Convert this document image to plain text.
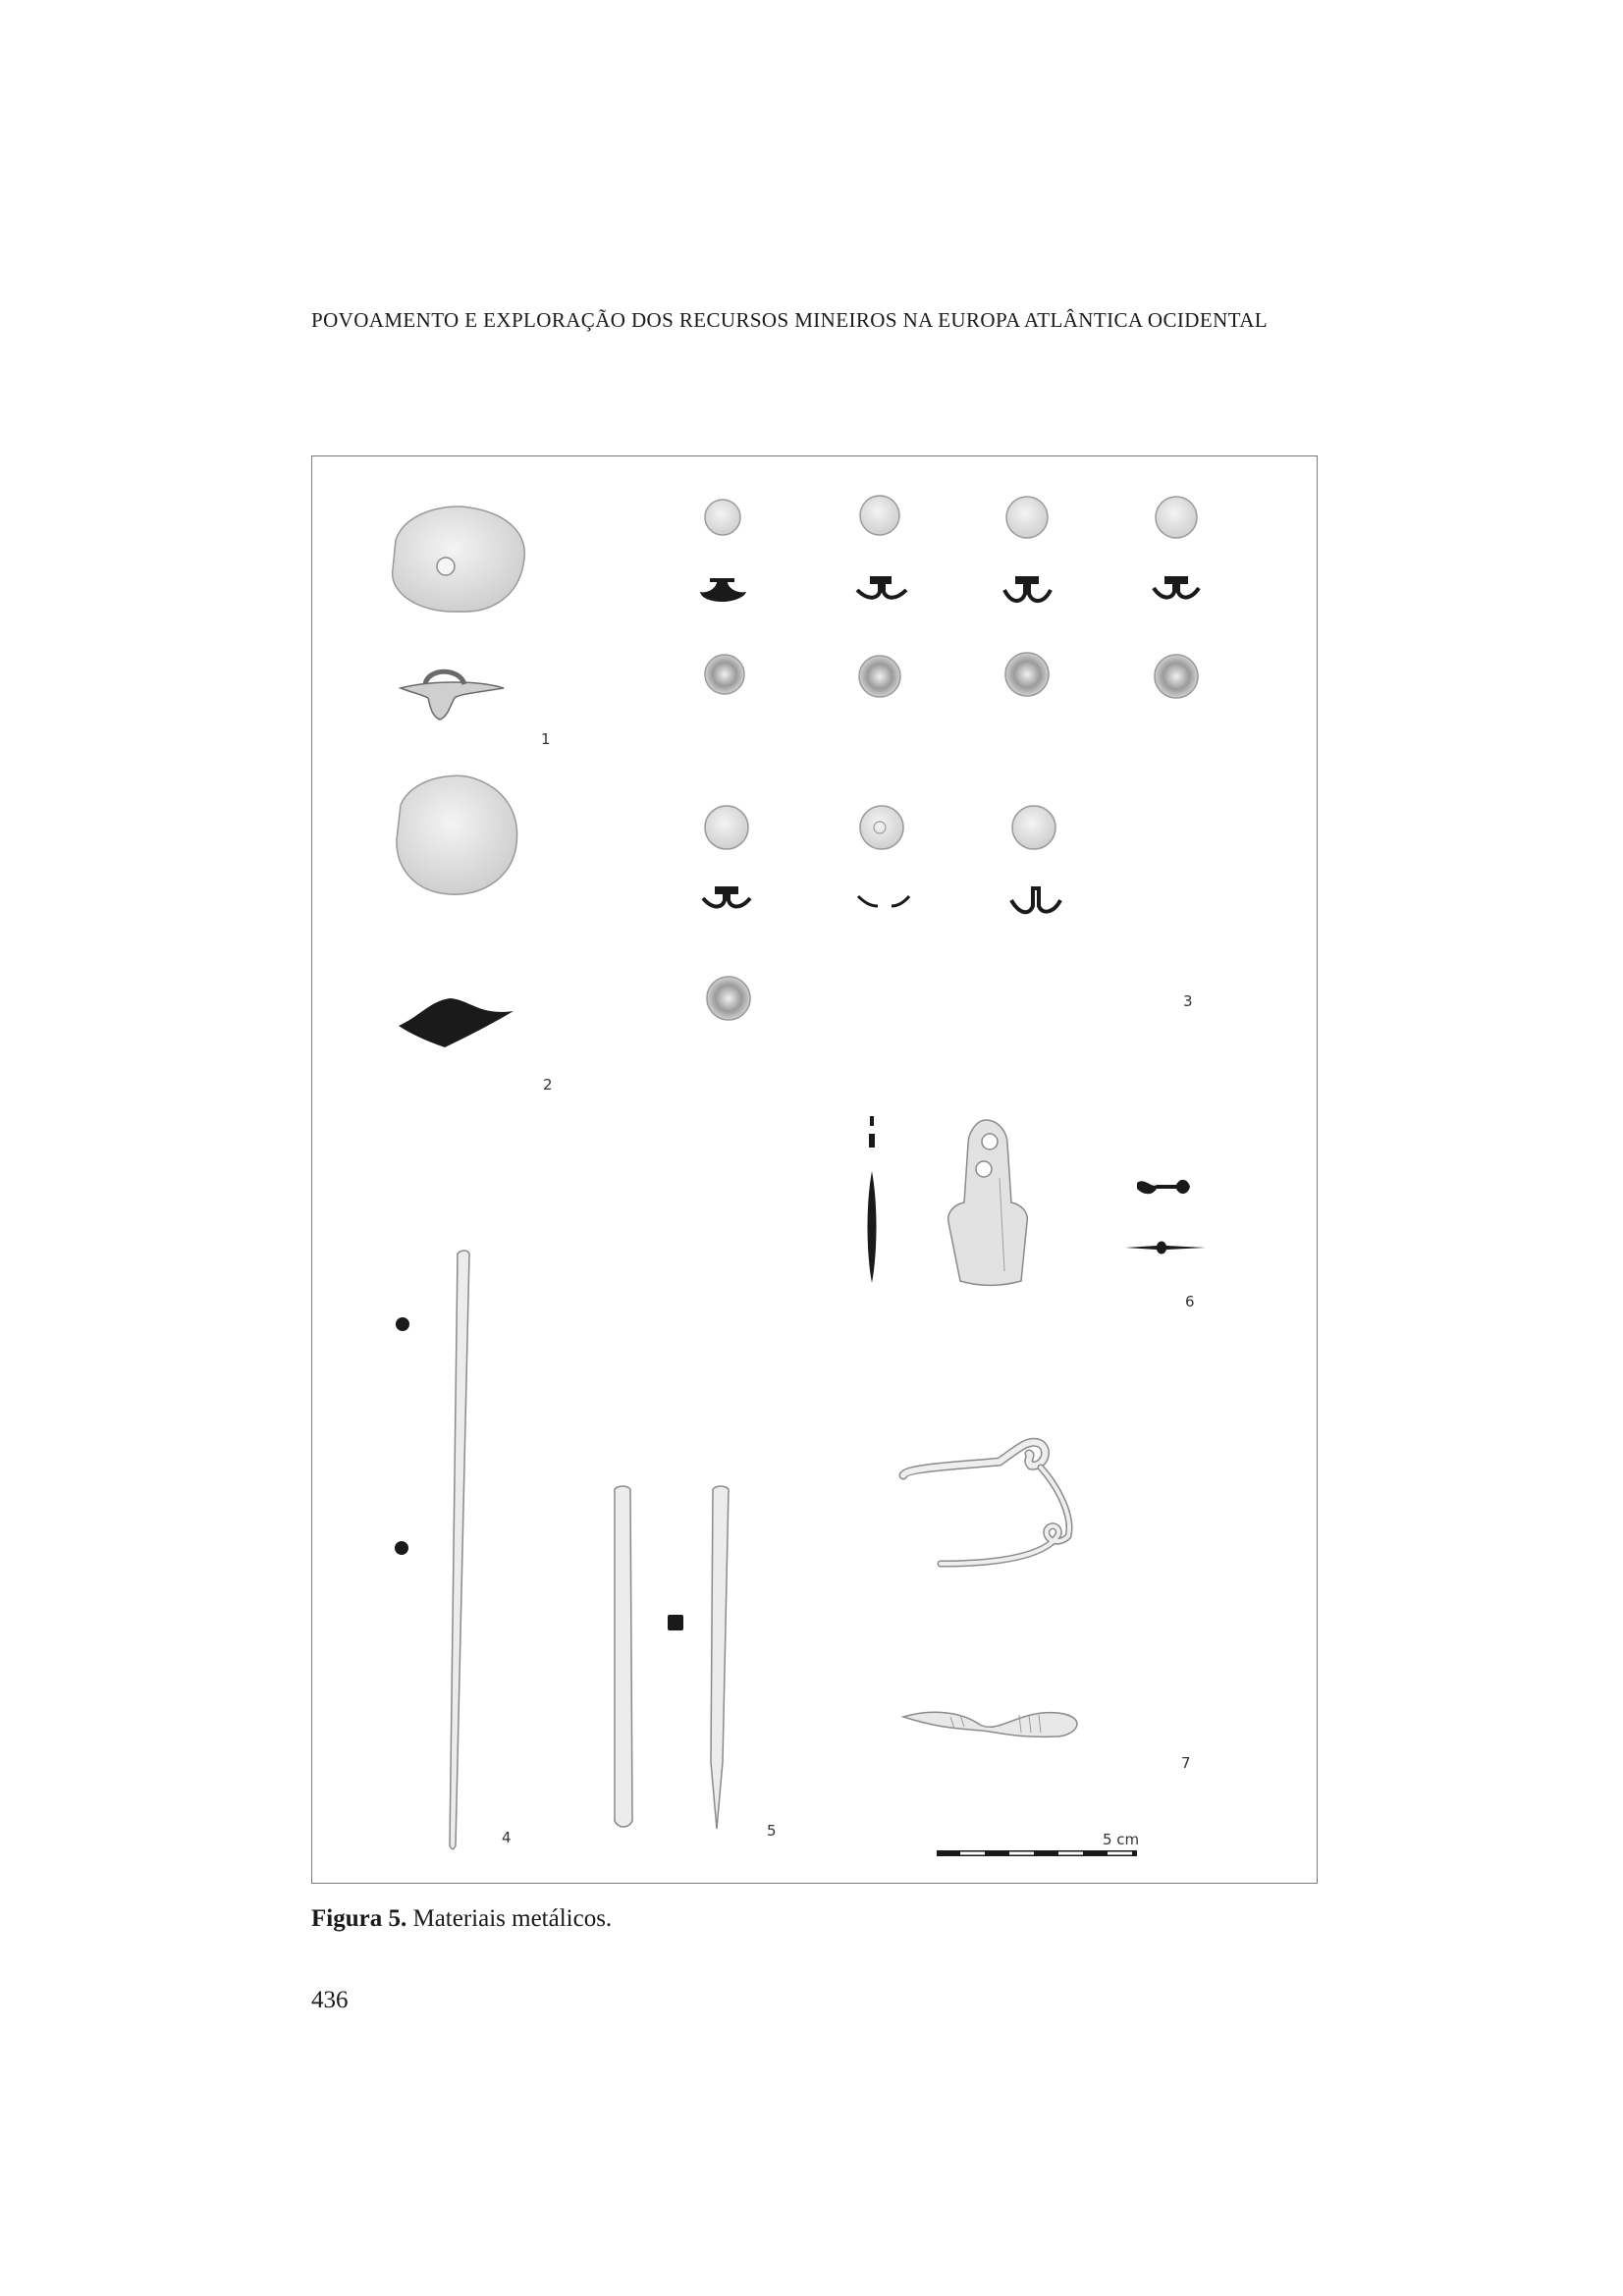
POVOAMENTO E EXPLORAÇÃO DOS RECURSOS MINEIROS NA EUROPA ATLÂNTICA OCIDENTAL
1
2
3
6
4	5
7
5 cm
Figura 5. Materiais metálicos.
436
